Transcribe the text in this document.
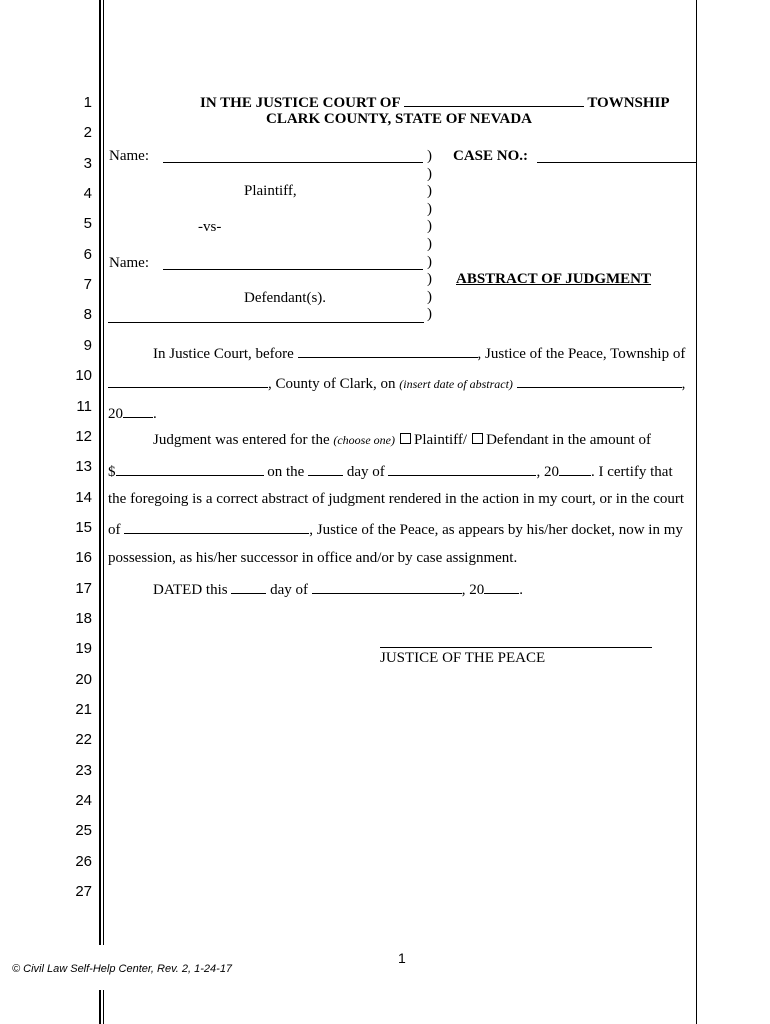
1
2
3
4
5
6
7
8
9
10
11
12
13
14
15
16
17
18
19
20
21
22
23
24
25
26
27
IN THE JUSTICE COURT OF	TOWNSHIP
CLARK COUNTY, STATE OF NEVADA
Name:
Plaintiff,
-vs-
Name:
Defendant(s).
)
)
)
)
)
)
)
)
)
)
CASE NO.:
ABSTRACT OF JUDGMENT
In Justice Court, before	, Justice of the Peace, Township of
, County of Clark, on (insert date of abstract)	,
20 .
Judgment was entered for the (choose one) Plaintiff/ Defendant in the amount of
$	on the	day of	, 20 . I certify that
the foregoing is a correct abstract of judgment rendered in the action in my court, or in the court
of	, Justice of the Peace, as appears by his/her docket, now in my
possession, as his/her successor in office and/or by case assignment.
DATED this	day of	, 20 .
JUSTICE OF THE PEACE
1
© Civil Law Self-Help Center, Rev. 2, 1-24-17
